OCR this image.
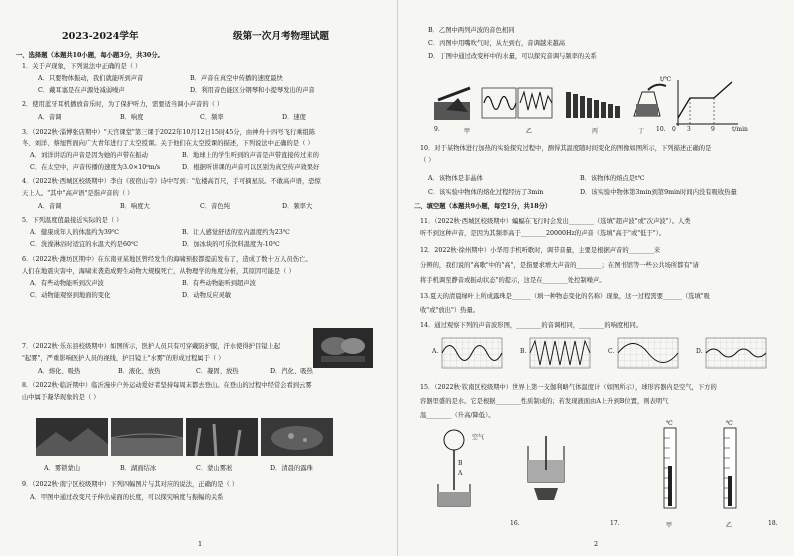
2023-2024学年
一、选择题（本题共10小题，每小题3分，共30分。
1．关于声现象，下列说法中正确的是（ ）
A．只要物体振动，我们就能听到声音	B．声音在真空中传播的速度最快
C．戴耳塞是在声源处减弱噪声	D．利用音色能区分钢琴和小提琴发出的声音
2．使用蓝牙耳机播放音乐时，为了保护听力，需要适当调小声音的（ ）
A．音调	B．响度	C．频率	D．速度
3．（2022秋·淄博张店期中）"天宫课堂"第三课于2022年10月12日15时45分，由神舟十四号飞行乘组陈
冬、刘洋、蔡旭哲面向广大青年进行了太空授课。关于他们在太空授课的描述，下列说法中正确的是（ ）
A．刘洋讲话的声音是因为她的声带在振动	B．地球上的学生听到的声音是声带直接传过来的
C．在太空中，声音传播的速度为3.0×10⁸m/s	D．根据听讲课的声音可以区别为真空传声效果好
4．（2022秋·西城区校级期中）李白《夜宿山寺》诗中写到："危楼高百尺，手可摘星辰。不敢高声语，恐惊
天上人。"其中"高声语"是指声音的（ ）
A．音调	B．响度大	C．音色纯	D．频率大
5．下列温度值最接近实际的是（ ）
A．健康成年人的体温约为39℃	B．让人感觉舒适的室内温度约为23℃
C．洗澡淋浴时适宜的水温大约是60℃	D．加冰块的可乐饮料温度为-10℃
6．（2022秋·潍坊区期中）在东南亚某地区曾经发生的海啸预报都提前发布了，造成了数十万人员伤亡。
人们在地震灾害中，海啸来袭造成野生动物大规模死亡，从物理学的角度分析，其原因可能是（ ）
A．有些动物能听到次声波	B．有些动物能听到超声波
C．动物能观察到地面的变化	D．动物反应灵敏
7．（2022秋·乐东县校级期中）如图所示，医护人员只有可穿戴防护服，汗水使得护目镜上起
"起雾"，严重影响医护人员的视线，护目镜上"水雾"的形成过程属于（ ）
A．熔化、吸热	B．液化、放热	C．凝固、放热	D．汽化、吸热
8．（2022秋·临沂期中）临沂漫步户外运动爱好者坚持每周末都去登山。在登山的过程中经常会看到云雾
山中属于凝华现象的是（ ）
A．雾锁蒙山	B．湖面结冰	C．蒙山雾凇	D．清晨的露珠
9．（2022秋·南宁区校级期中）下列四幅图片与其对应的说法，正确的是（ ）
A．甲图中通过改变尺子伸出桌面的长度，可以探究响度与振幅的关系
1
B．乙图中两列声波的音色相同
C．丙图中用嘴吹气时，从左到右，音调越来越高
D．丁图中通过改变杯中的水量，可以探究音调与频率的关系
t/℃
t/min
0 3	9
9.	甲	乙	丙	丁 10.
10．对于某物体进行加热的实验探究过程中，测得其温度随时间变化的图像如图所示，下列描述正确的是
（ ）
A．该物体是非晶体	B．该物体的熔点是t℃
C．该实验中物体的熔化过程经历了3min	D．该实验中物体第3min到第9min时间内没有吸收热量
二、填空题（本题共9小题，每空1分，共18分）
11．（2022秋·西城区校级期中）蝙蝠在飞行时会发出________（选填"超声波"或"次声波"）。人类
听不到这种声音，是因为其频率高于________20000Hz的声音（选填"高于"或"低于"）。
12．2022秋·徐州期中）小华用手机听歌时，调节音量，主要是根据声音的________来
分辨的，我们说的"高歌"中的"高"，是指要求增大声音的________；在图书馆等一些公共场所都有"请
将手机调至静音或振动状态"的提示，这是在________处控制噪声。
13.夏天的清晨绿叶上所成露珠是______（填一种物态变化的名称）现象，这一过程需要______（选填"吸
收"或"放出"）热量。
14．通过观察下列的声音波形图，________的音调相同，________的响度相同。
A.	B.	C.	D.
15．（2022秋·钦南区校级期中）世界上第一支伽利略气体温度计（如图所示），球形容器内是空气，下方的
容器里盛的是水。它是根据________性质制成的；若发现液面由A上升到B位置，则表明气
温________（升高/降低）。
空气
B
A
16.	17.	18.
甲	乙
℃	℃
2
级第一次月考物理试题
